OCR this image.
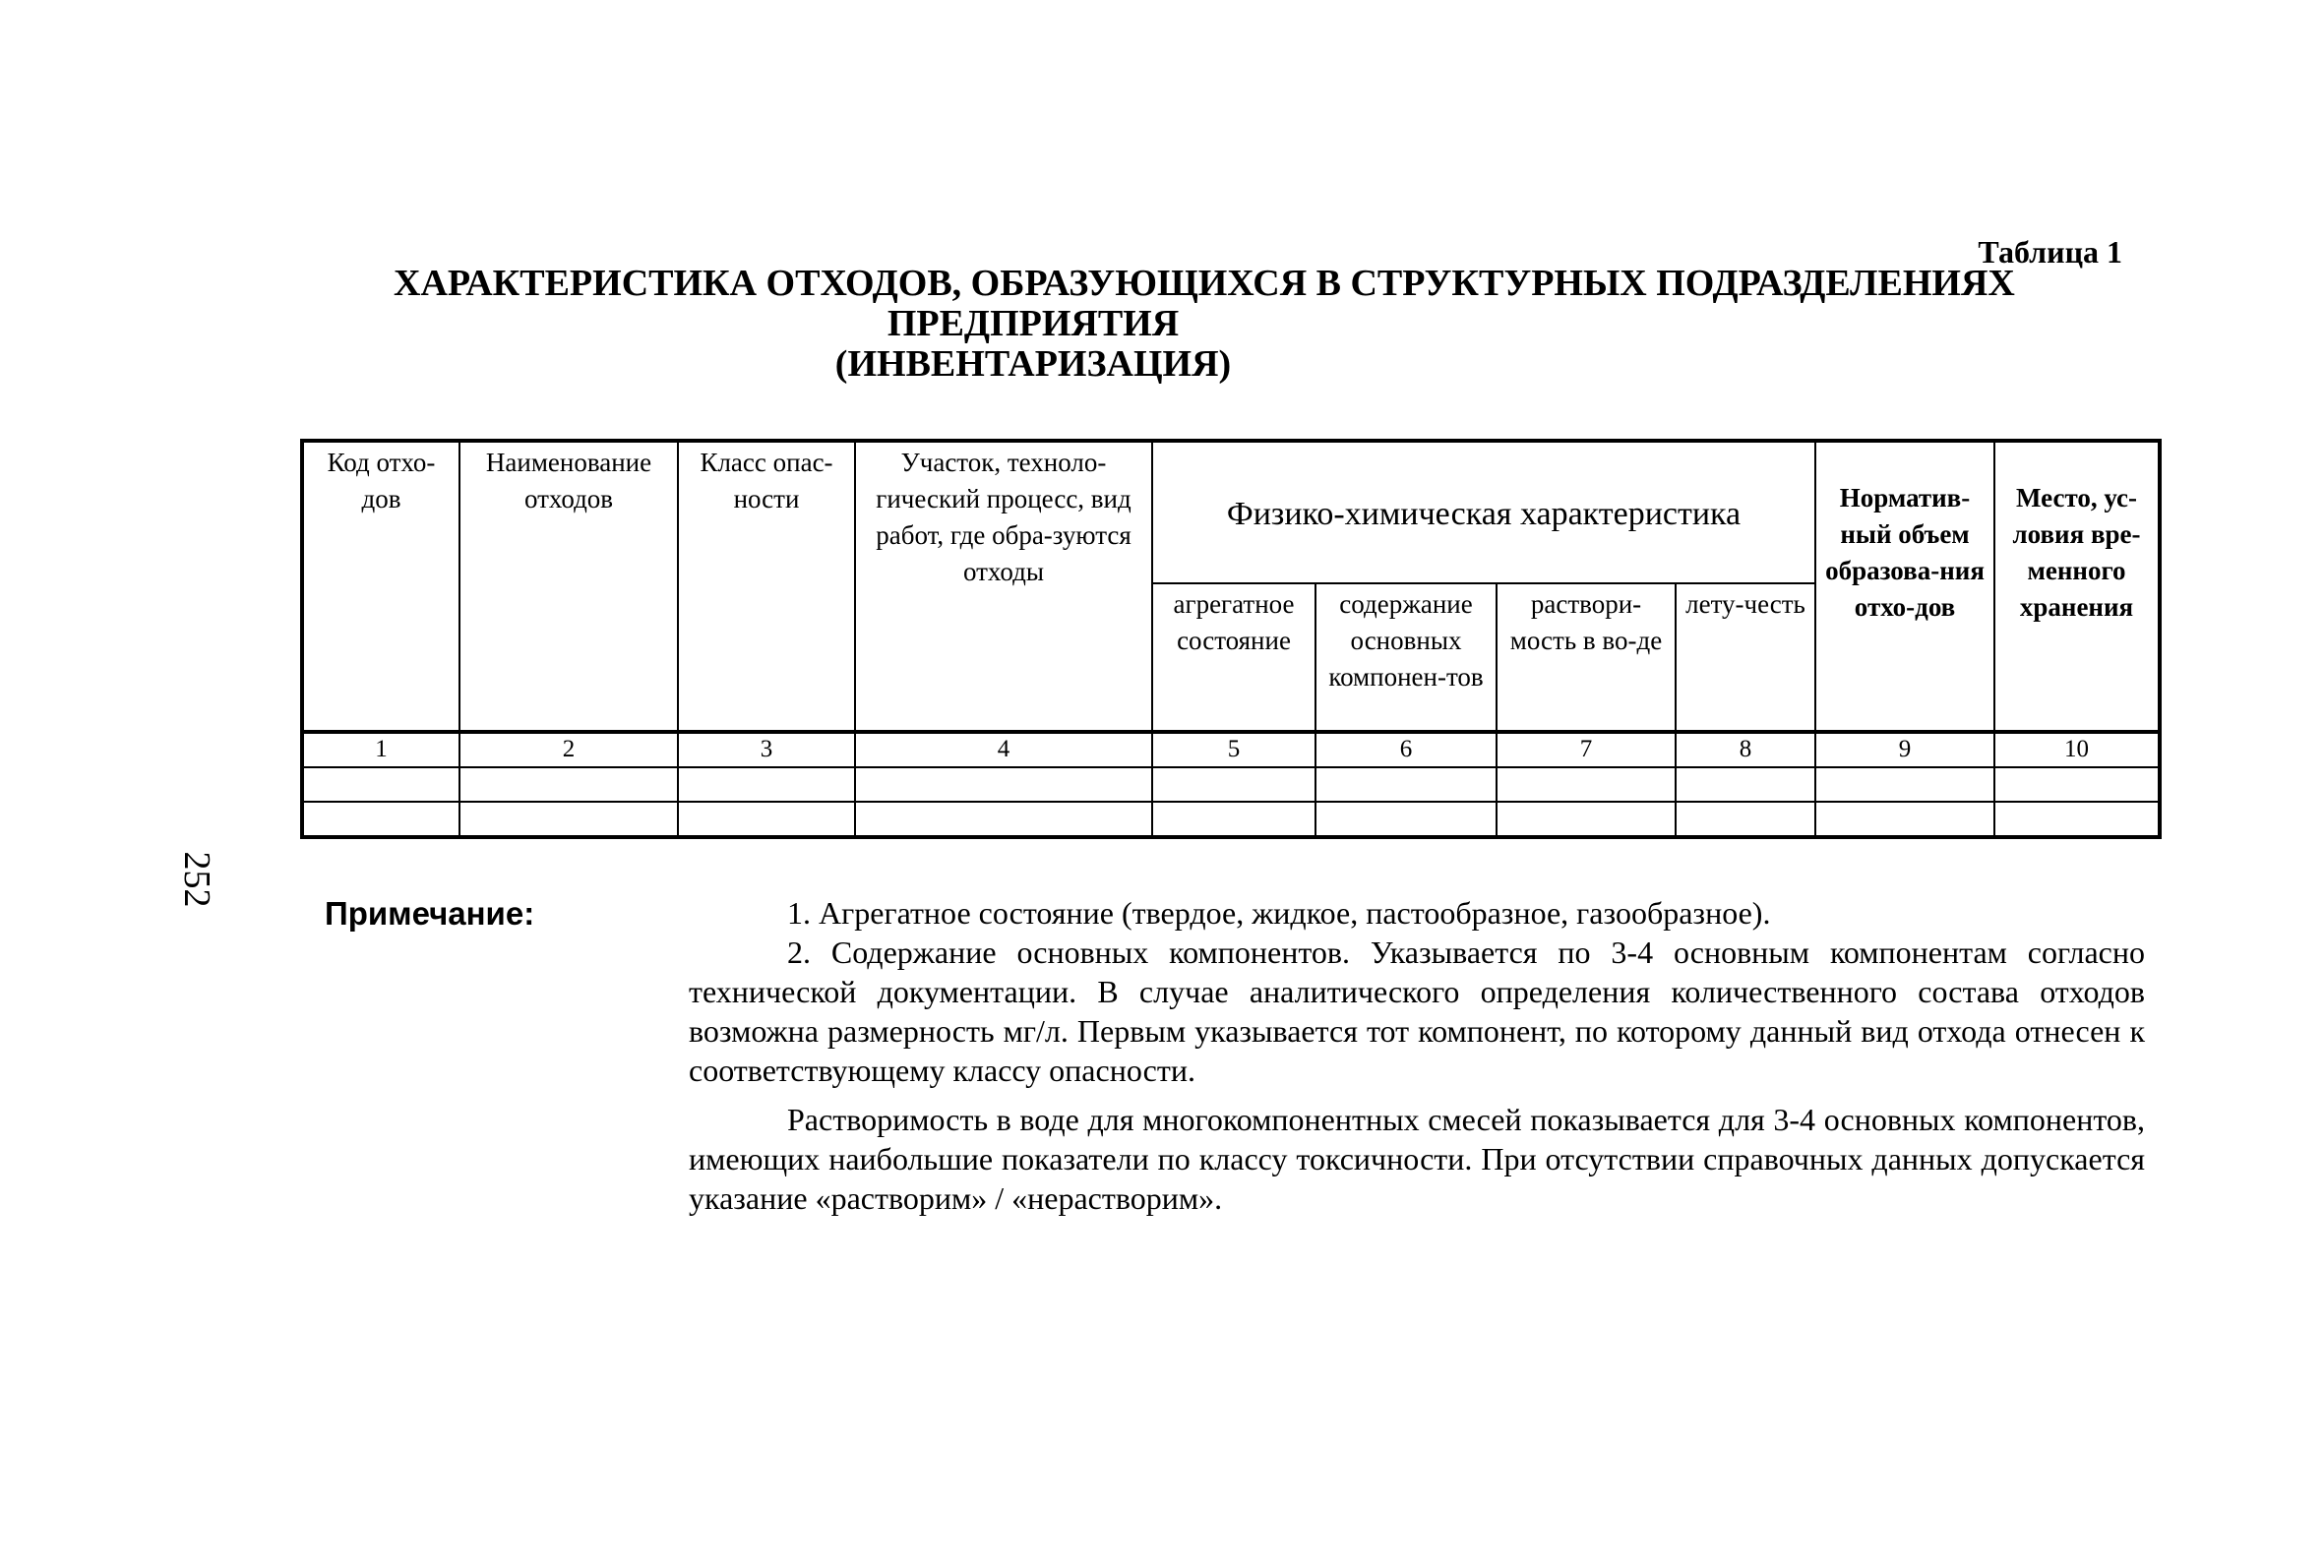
252
Таблица 1
ХАРАКТЕРИСТИКА ОТХОДОВ, ОБРАЗУЮЩИХСЯ В СТРУКТУРНЫХ ПОДРАЗДЕЛЕНИЯХ
ПРЕДПРИЯТИЯ
(ИНВЕНТАРИЗАЦИЯ)
Код отхо-дов	Наименование отходов	Класс опас-ности	Участок, техноло-гический процесс, вид работ, где обра-зуются отходы	Физико-химическая характеристика				Норматив-ный объем образова-ния отхо-дов	Место, ус-ловия вре-менного хранения
				агрегатное состояние	содержание основных компонен-тов	раствори-мость в во-де	лету-честь		
1	2	3	4	5	6	7	8	9	10

Примечание:	1. Агрегатное состояние (твердое, жидкое, пастообразное, газообразное).

2. Содержание основных компонентов. Указывается по 3-4 основным компонентам согласно технической документации. В случае аналитического определения количественного состава отходов возможна размерность мг/л. Первым указывается тот компонент, по которому данный вид отхода отнесен к соответствующему классу опасности.

Растворимость в воде для многокомпонентных смесей показывается для 3-4 основных компонентов, имеющих наибольшие показатели по классу токсичности. При отсутствии справочных данных допускается указание «растворим» / «нерастворим».
